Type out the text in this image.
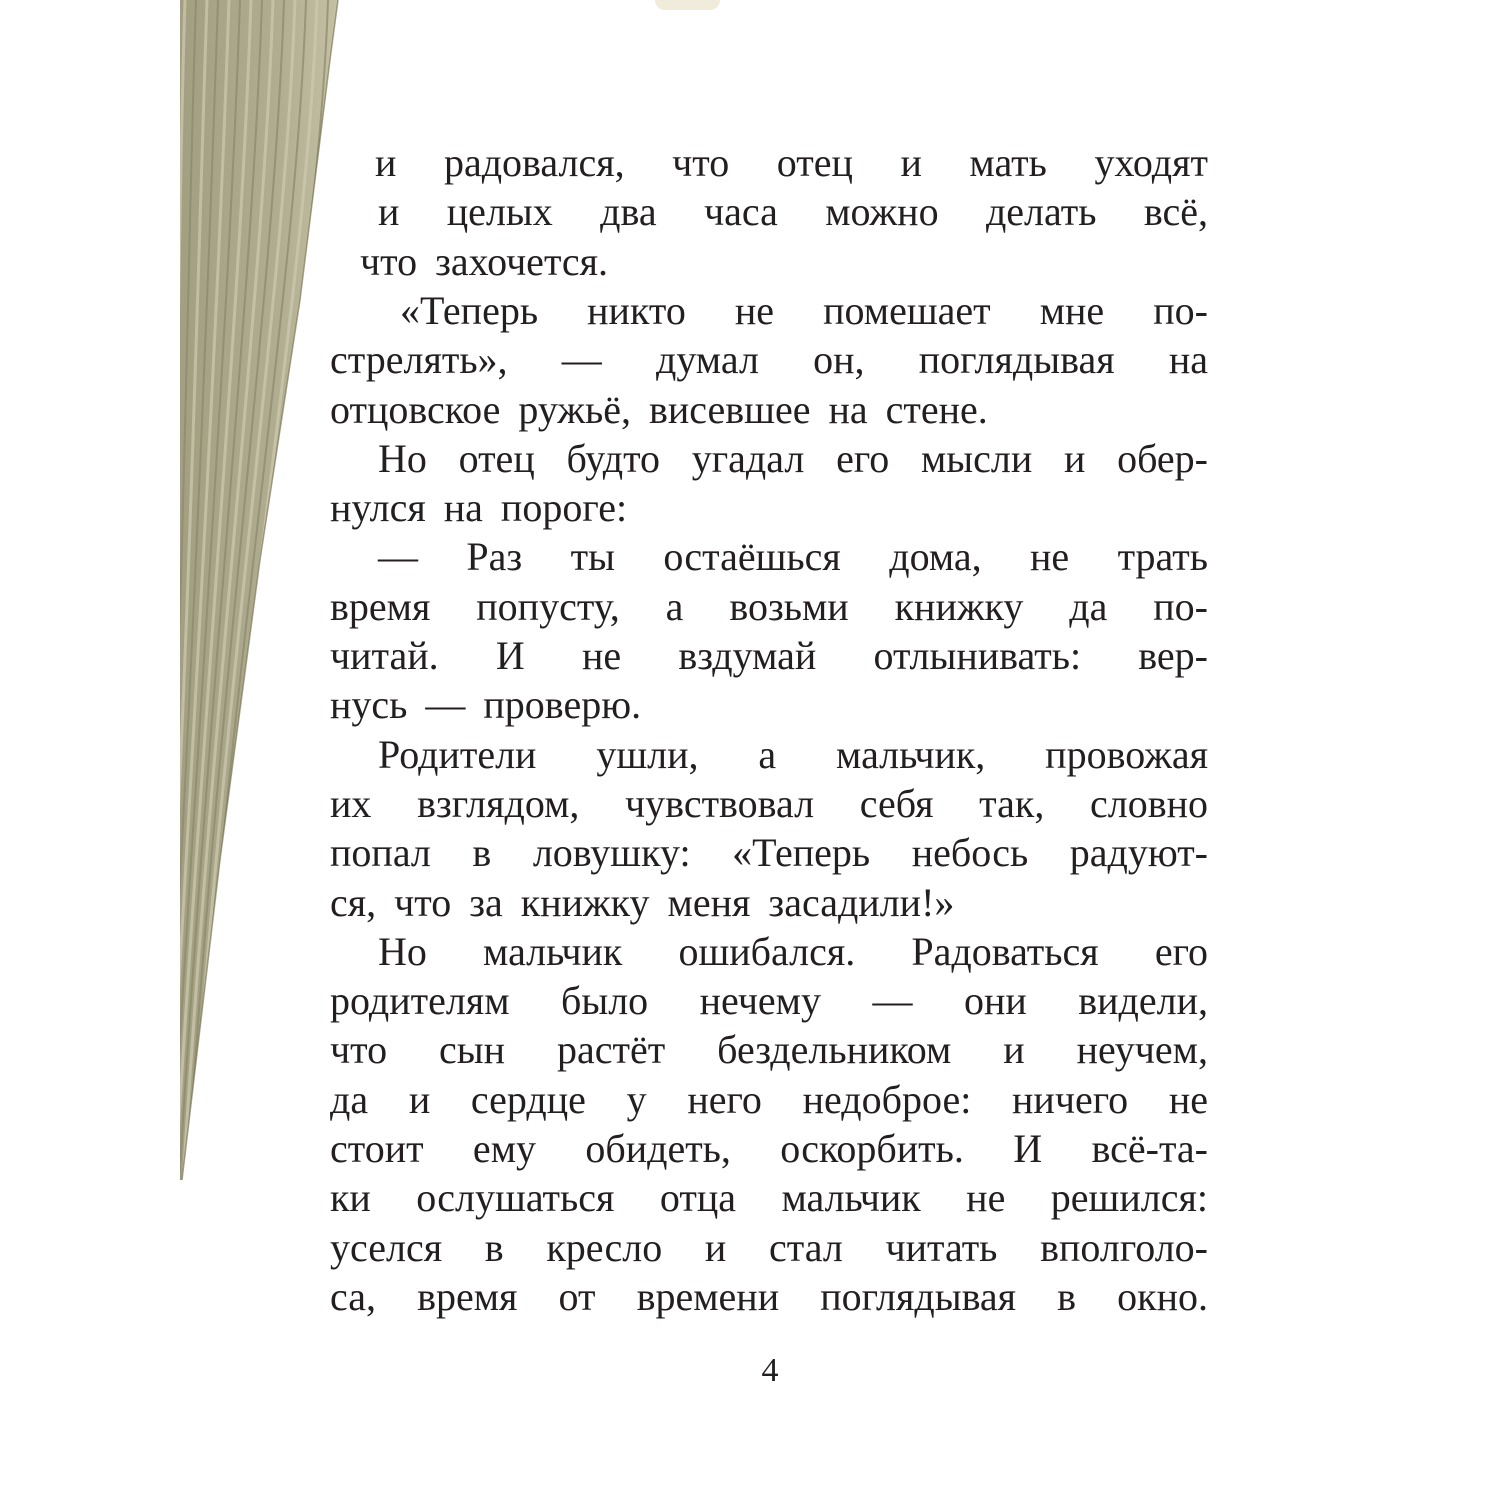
и радовался, что отец и мать уходят
и целых два часа можно делать всё,
что захочется.
«Теперь никто не помешает мне по-
стрелять», — думал он, поглядывая на
отцовское ружьё, висевшее на стене.
Но отец будто угадал его мысли и обер-
нулся на пороге:
— Раз ты остаёшься дома, не трать
время попусту, а возьми книжку да по-
читай. И не вздумай отлынивать: вер-
нусь — проверю.
Родители ушли, а мальчик, провожая
их взглядом, чувствовал себя так, словно
попал в ловушку: «Теперь небось радуют-
ся, что за книжку меня засадили!»
Но мальчик ошибался. Радоваться его
родителям было нечему — они видели,
что сын растёт бездельником и неучем,
да и сердце у него недоброе: ничего не
стоит ему обидеть, оскорбить. И всё-та-
ки ослушаться отца мальчик не решился:
уселся в кресло и стал читать вполголо-
са, время от времени поглядывая в окно.
4
